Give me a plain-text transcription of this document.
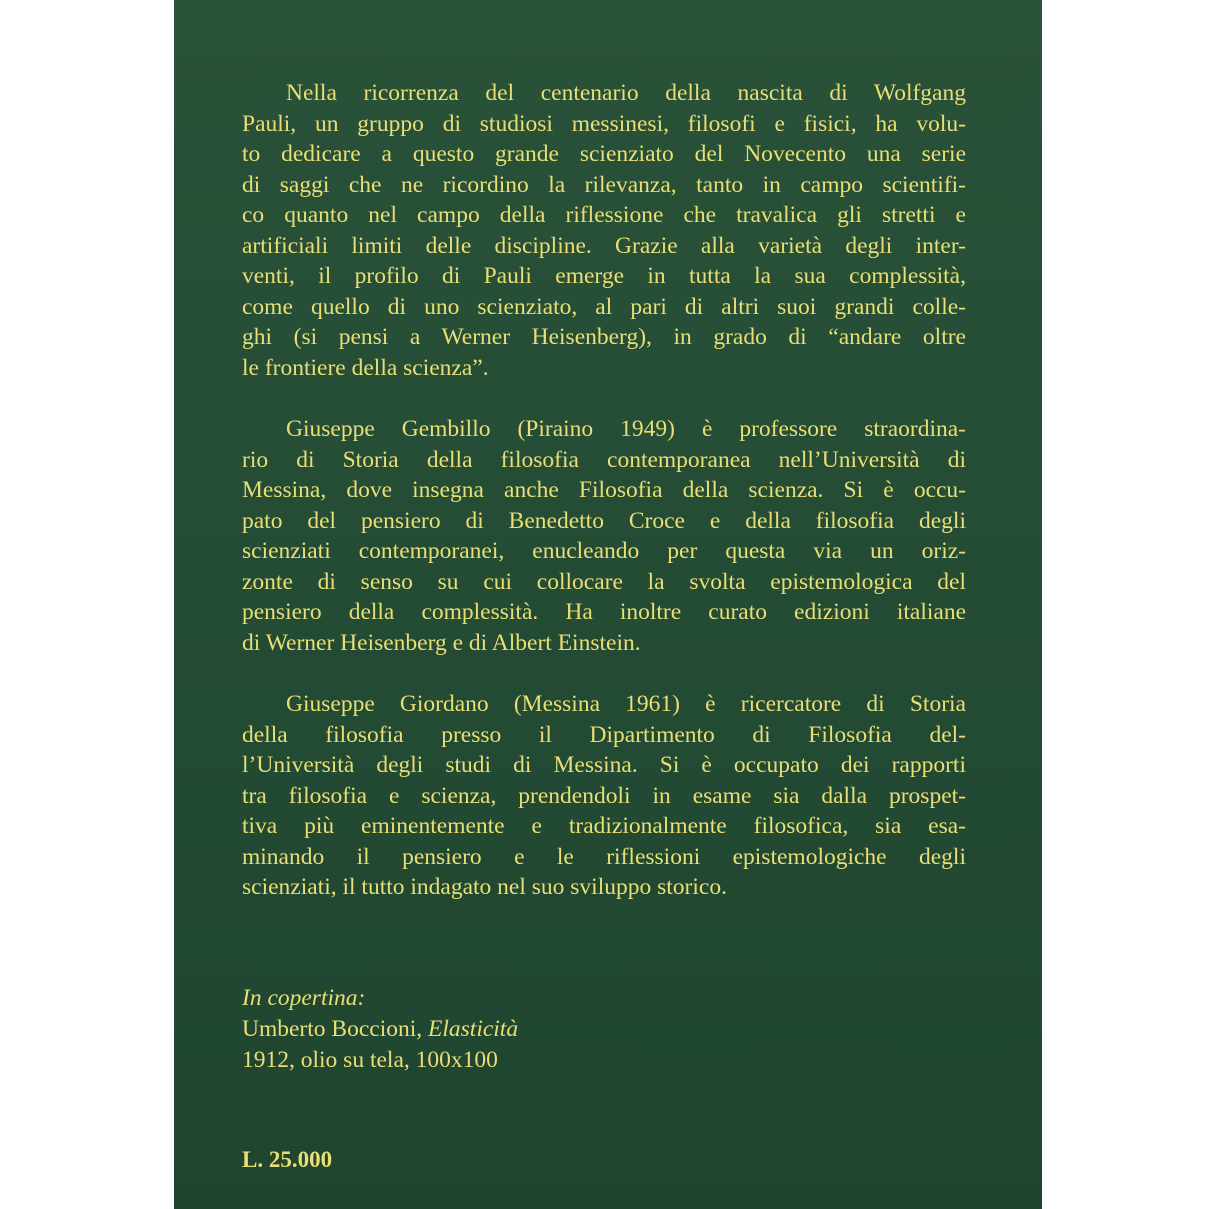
Nella ricorrenza del centenario della nascita di Wolfgang
Pauli, un gruppo di studiosi messinesi, filosofi e fisici, ha volu-
to dedicare a questo grande scienziato del Novecento una serie
di saggi che ne ricordino la rilevanza, tanto in campo scientifi-
co quanto nel campo della riflessione che travalica gli stretti e
artificiali limiti delle discipline. Grazie alla varietà degli inter-
venti, il profilo di Pauli emerge in tutta la sua complessità,
come quello di uno scienziato, al pari di altri suoi grandi colle-
ghi (si pensi a Werner Heisenberg), in grado di “andare oltre
le frontiere della scienza”.
Giuseppe Gembillo (Piraino 1949) è professore straordina-
rio di Storia della filosofia contemporanea nell’Università di
Messina, dove insegna anche Filosofia della scienza. Si è occu-
pato del pensiero di Benedetto Croce e della filosofia degli
scienziati contemporanei, enucleando per questa via un oriz-
zonte di senso su cui collocare la svolta epistemologica del
pensiero della complessità. Ha inoltre curato edizioni italiane
di Werner Heisenberg e di Albert Einstein.
Giuseppe Giordano (Messina 1961) è ricercatore di Storia
della filosofia presso il Dipartimento di Filosofia del-
l’Università degli studi di Messina. Si è occupato dei rapporti
tra filosofia e scienza, prendendoli in esame sia dalla prospet-
tiva più eminentemente e tradizionalmente filosofica, sia esa-
minando il pensiero e le riflessioni epistemologiche degli
scienziati, il tutto indagato nel suo sviluppo storico.
In copertina:
Umberto Boccioni, Elasticità
1912, olio su tela, 100x100
L. 25.000
